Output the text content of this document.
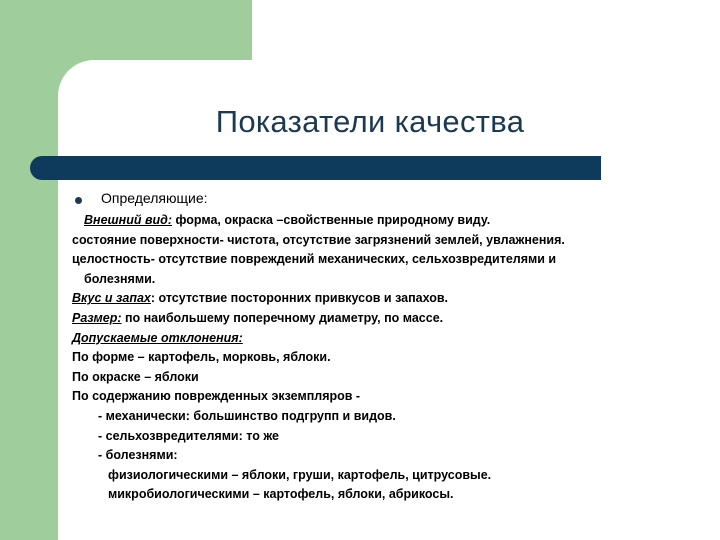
Показатели качества
Определяющие:
Внешний вид: форма, окраска –свойственные природному виду.
состояние поверхности- чистота, отсутствие загрязнений землей, увлажнения.
целостность- отсутствие повреждений механических, сельхозвредителями и
болезнями.
Вкус и запах: отсутствие посторонних привкусов и запахов.
Размер: по наибольшему поперечному диаметру, по массе.
Допускаемые отклонения:
По форме – картофель, морковь, яблоки.
По окраске – яблоки
По содержанию поврежденных экземпляров -
- механически: большинство подгрупп и видов.
- сельхозвредителями: то же
- болезнями:
физиологическими – яблоки, груши, картофель, цитрусовые.
микробиологическими – картофель, яблоки, абрикосы.
